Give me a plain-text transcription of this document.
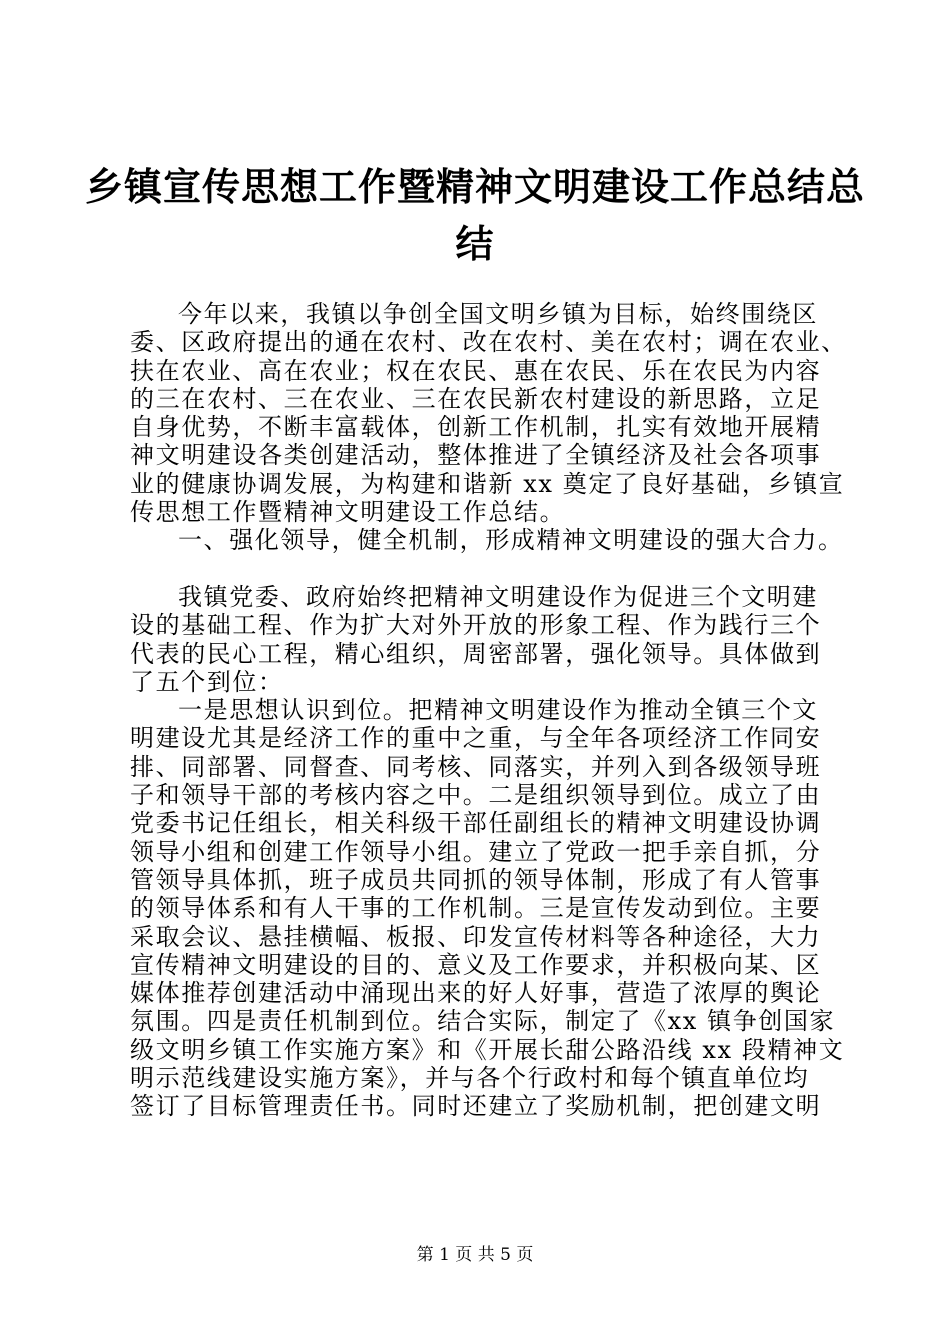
乡镇宣传思想工作暨精神文明建设工作总结总
结
今年以来，我镇以争创全国文明乡镇为目标，始终围绕区
委、区政府提出的通在农村、改在农村、美在农村；调在农业、
扶在农业、高在农业；权在农民、惠在农民、乐在农民为内容
的三在农村、三在农业、三在农民新农村建设的新思路，立足
自身优势，不断丰富载体，创新工作机制，扎实有效地开展精
神文明建设各类创建活动，整体推进了全镇经济及社会各项事
业的健康协调发展，为构建和谐新 xx 奠定了良好基础，乡镇宣
传思想工作暨精神文明建设工作总结。
一、强化领导，健全机制，形成精神文明建设的强大合力。
我镇党委、政府始终把精神文明建设作为促进三个文明建
设的基础工程、作为扩大对外开放的形象工程、作为践行三个
代表的民心工程，精心组织，周密部署，强化领导。具体做到
了五个到位：
一是思想认识到位。把精神文明建设作为推动全镇三个文
明建设尤其是经济工作的重中之重，与全年各项经济工作同安
排、同部署、同督查、同考核、同落实，并列入到各级领导班
子和领导干部的考核内容之中。二是组织领导到位。成立了由
党委书记任组长，相关科级干部任副组长的精神文明建设协调
领导小组和创建工作领导小组。建立了党政一把手亲自抓，分
管领导具体抓，班子成员共同抓的领导体制，形成了有人管事
的领导体系和有人干事的工作机制。三是宣传发动到位。主要
采取会议、悬挂横幅、板报、印发宣传材料等各种途径，大力
宣传精神文明建设的目的、意义及工作要求，并积极向某、区
媒体推荐创建活动中涌现出来的好人好事，营造了浓厚的舆论
氛围。四是责任机制到位。结合实际，制定了《xx 镇争创国家
级文明乡镇工作实施方案》和《开展长甜公路沿线 xx 段精神文
明示范线建设实施方案》，并与各个行政村和每个镇直单位均
签订了目标管理责任书。同时还建立了奖励机制，把创建文明
第 1 页 共 5 页
